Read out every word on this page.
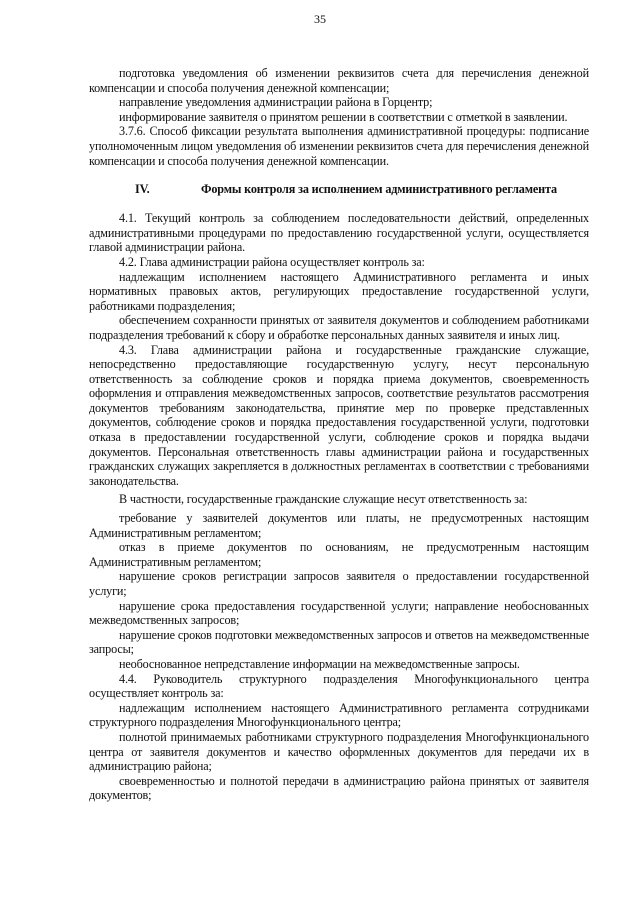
35

подготовка уведомления об изменении реквизитов счета для перечисления денежной компенсации и способа получения денежной компенсации;

направление уведомления администрации района в Горцентр;

информирование заявителя о принятом решении в соответствии с отметкой в заявлении.

3.7.6. Способ фиксации результата выполнения административной процедуры: подписание уполномоченным лицом уведомления об изменении реквизитов счета для перечисления денежной компенсации и способа получения денежной компенсации.

IV.	Формы контроля за исполнением административного регламента

4.1. Текущий контроль за соблюдением последовательности действий, определенных административными процедурами по предоставлению государственной услуги, осуществляется главой администрации района.

4.2. Глава администрации района осуществляет контроль за:

надлежащим исполнением настоящего Административного регламента и иных нормативных правовых актов, регулирующих предоставление государственной услуги, работниками подразделения;

обеспечением сохранности принятых от заявителя документов и соблюдением работниками подразделения требований к сбору и обработке персональных данных заявителя и иных лиц.

4.3. Глава администрации района и государственные гражданские служащие, непосредственно предоставляющие государственную услугу, несут персональную ответственность за соблюдение сроков и порядка приема документов, своевременность оформления и отправления межведомственных запросов, соответствие результатов рассмотрения документов требованиям законодательства, принятие мер по проверке представленных документов, соблюдение сроков и порядка предоставления государственной услуги, подготовки отказа в предоставлении государственной услуги, соблюдение сроков и порядка выдачи документов. Персональная ответственность главы администрации района и государственных гражданских служащих закрепляется в должностных регламентах в соответствии с требованиями законодательства.

В частности, государственные гражданские служащие несут ответственность за:

требование у заявителей документов или платы, не предусмотренных настоящим Административным регламентом;

отказ в приеме документов по основаниям, не предусмотренным настоящим Административным регламентом;

нарушение сроков регистрации запросов заявителя о предоставлении государственной услуги;

нарушение срока предоставления государственной услуги; направление необоснованных межведомственных запросов;

нарушение сроков подготовки межведомственных запросов и ответов на межведомственные запросы;

необоснованное непредставление информации на межведомственные запросы.

4.4. Руководитель структурного подразделения Многофункционального центра осуществляет контроль за:

надлежащим исполнением настоящего Административного регламента сотрудниками структурного подразделения Многофункционального центра;

полнотой принимаемых работниками структурного подразделения Многофункционального центра от заявителя документов и качество оформленных документов для передачи их в администрацию района;

своевременностью и полнотой передачи в администрацию района принятых от заявителя документов;
